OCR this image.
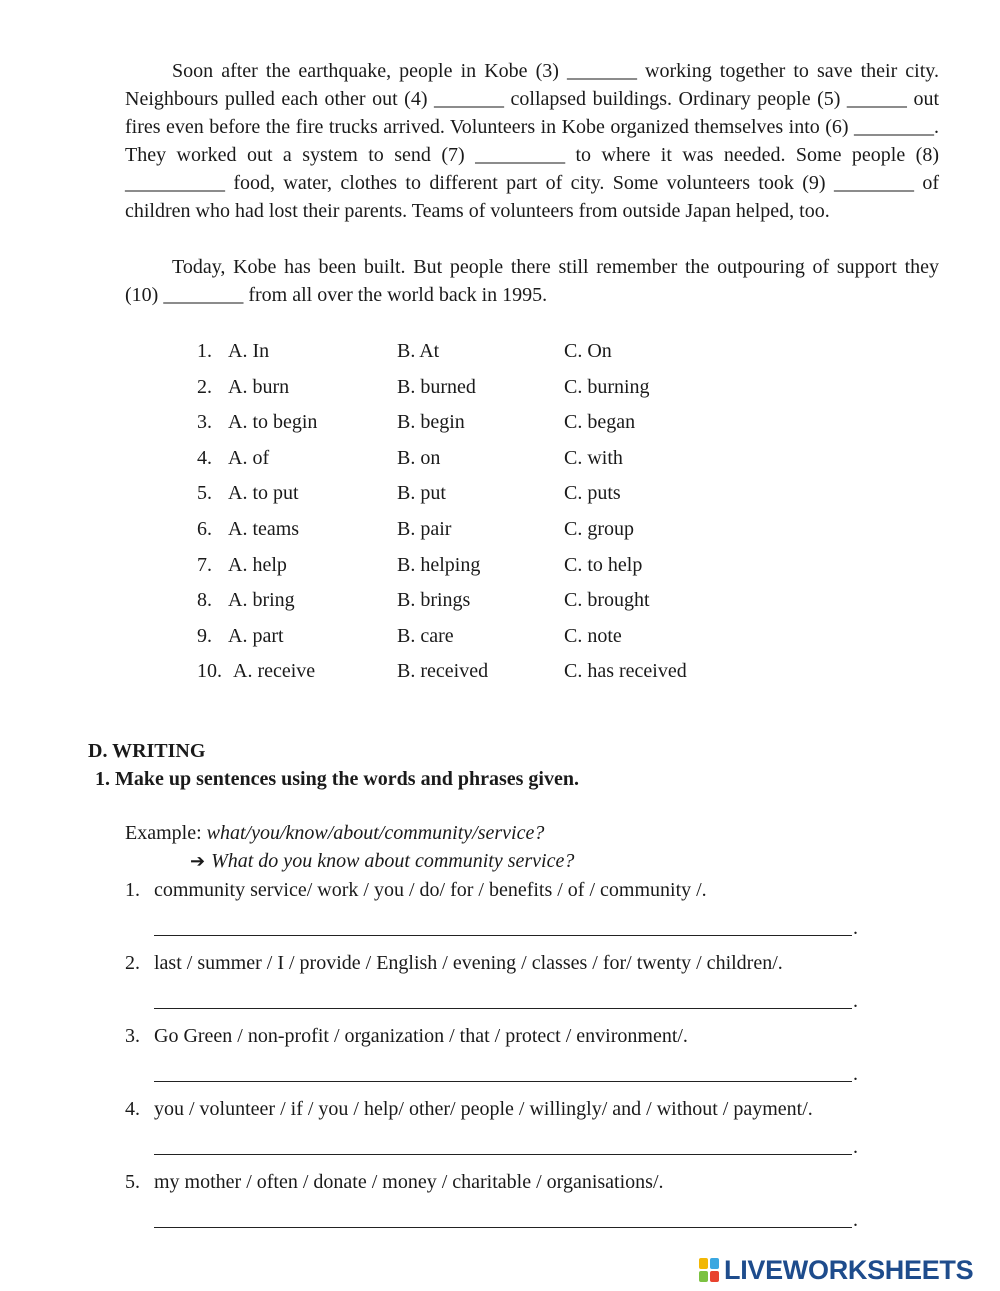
Soon after the earthquake, people in Kobe (3) _______ working together to save their city. Neighbours pulled each other out (4) _______ collapsed buildings. Ordinary people (5) ______ out fires even before the fire trucks arrived. Volunteers in Kobe organized themselves into (6) ________. They worked out a system to send (7) _________ to where it was needed. Some people (8) __________ food, water, clothes to different part of city. Some volunteers took (9) ________ of children who had lost their parents. Teams of volunteers from outside Japan helped, too.

Today, Kobe has been built. But people there still remember the outpouring of support they (10) ________ from all over the world back in 1995.

1. A. In	B. At	C. On
2. A. burn	B. burned	C. burning
3. A. to begin	B. begin	C. began
4. A. of	B. on	C. with
5. A. to put	B. put	C. puts
6. A. teams	B. pair	C. group
7. A. help	B. helping	C. to help
8. A. bring	B. brings	C. brought
9. A. part	B. care	C. note
10. A. receive	B. received	C. has received
D. WRITING
1. Make up sentences using the words and phrases given.
Example: what/you/know/about/community/service?
➔ What do you know about community service?
1. community service/ work / you / do/ for / benefits / of / community /.
.
2. last / summer / I / provide / English / evening / classes / for/ twenty / children/.
.
3. Go Green / non-profit / organization / that / protect / environment/.
.
4. you / volunteer / if / you / help/ other/ people / willingly/ and / without / payment/.
.
5. my mother / often / donate / money / charitable / organisations/.
.
LIVEWORKSHEETS
